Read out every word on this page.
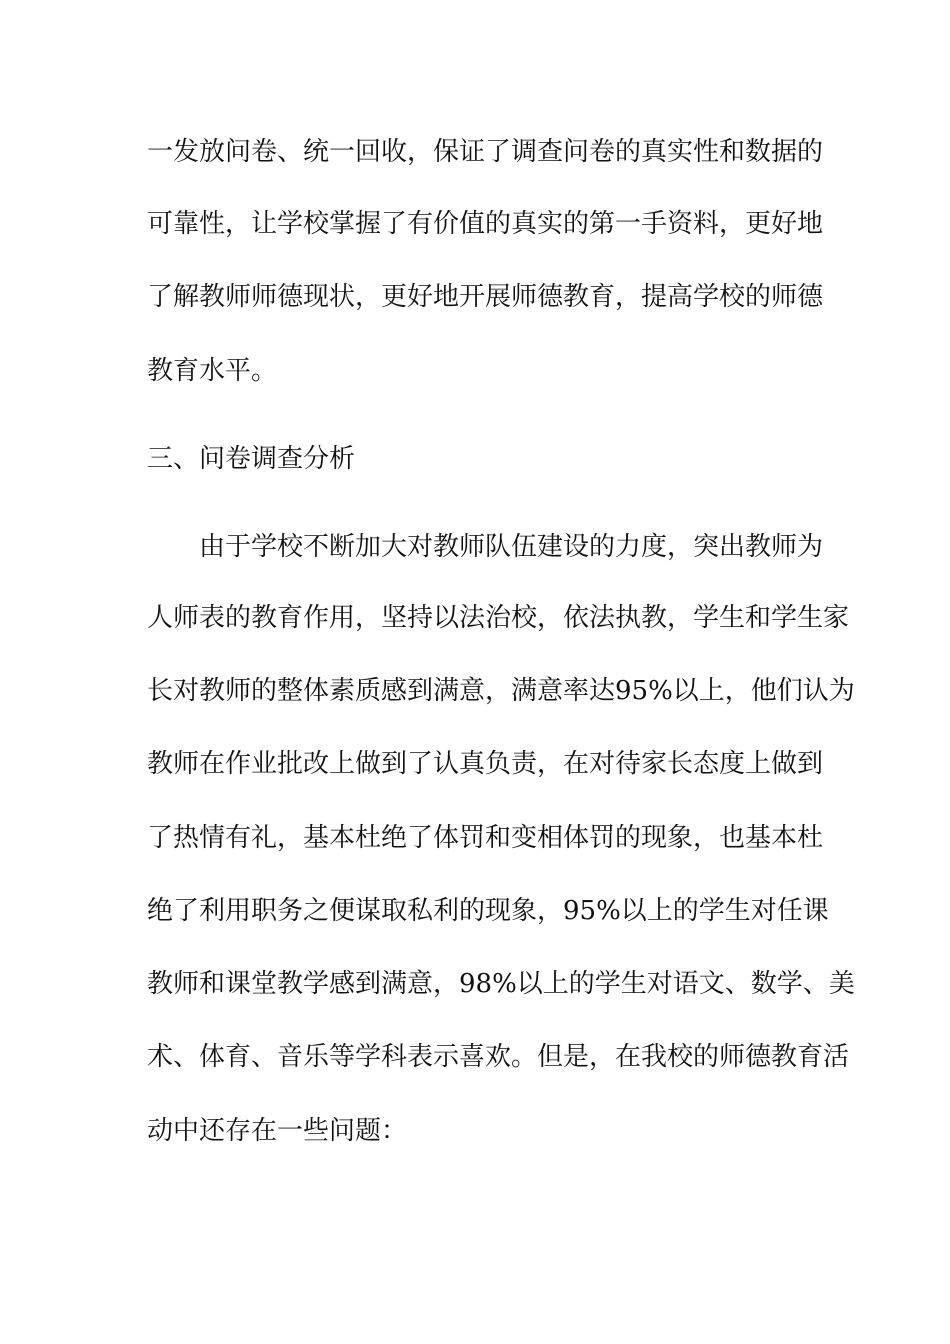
一发放问卷、统一回收，保证了调查问卷的真实性和数据的
可靠性，让学校掌握了有价值的真实的第一手资料，更好地
了解教师师德现状，更好地开展师德教育，提高学校的师德
教育水平。
三、问卷调查分析
由于学校不断加大对教师队伍建设的力度，突出教师为
人师表的教育作用，坚持以法治校，依法执教，学生和学生家
长对教师的整体素质感到满意，满意率达95%以上，他们认为
教师在作业批改上做到了认真负责，在对待家长态度上做到
了热情有礼，基本杜绝了体罚和变相体罚的现象，也基本杜
绝了利用职务之便谋取私利的现象，95%以上的学生对任课
教师和课堂教学感到满意，98%以上的学生对语文、数学、美
术、体育、音乐等学科表示喜欢。但是，在我校的师德教育活
动中还存在一些问题：
